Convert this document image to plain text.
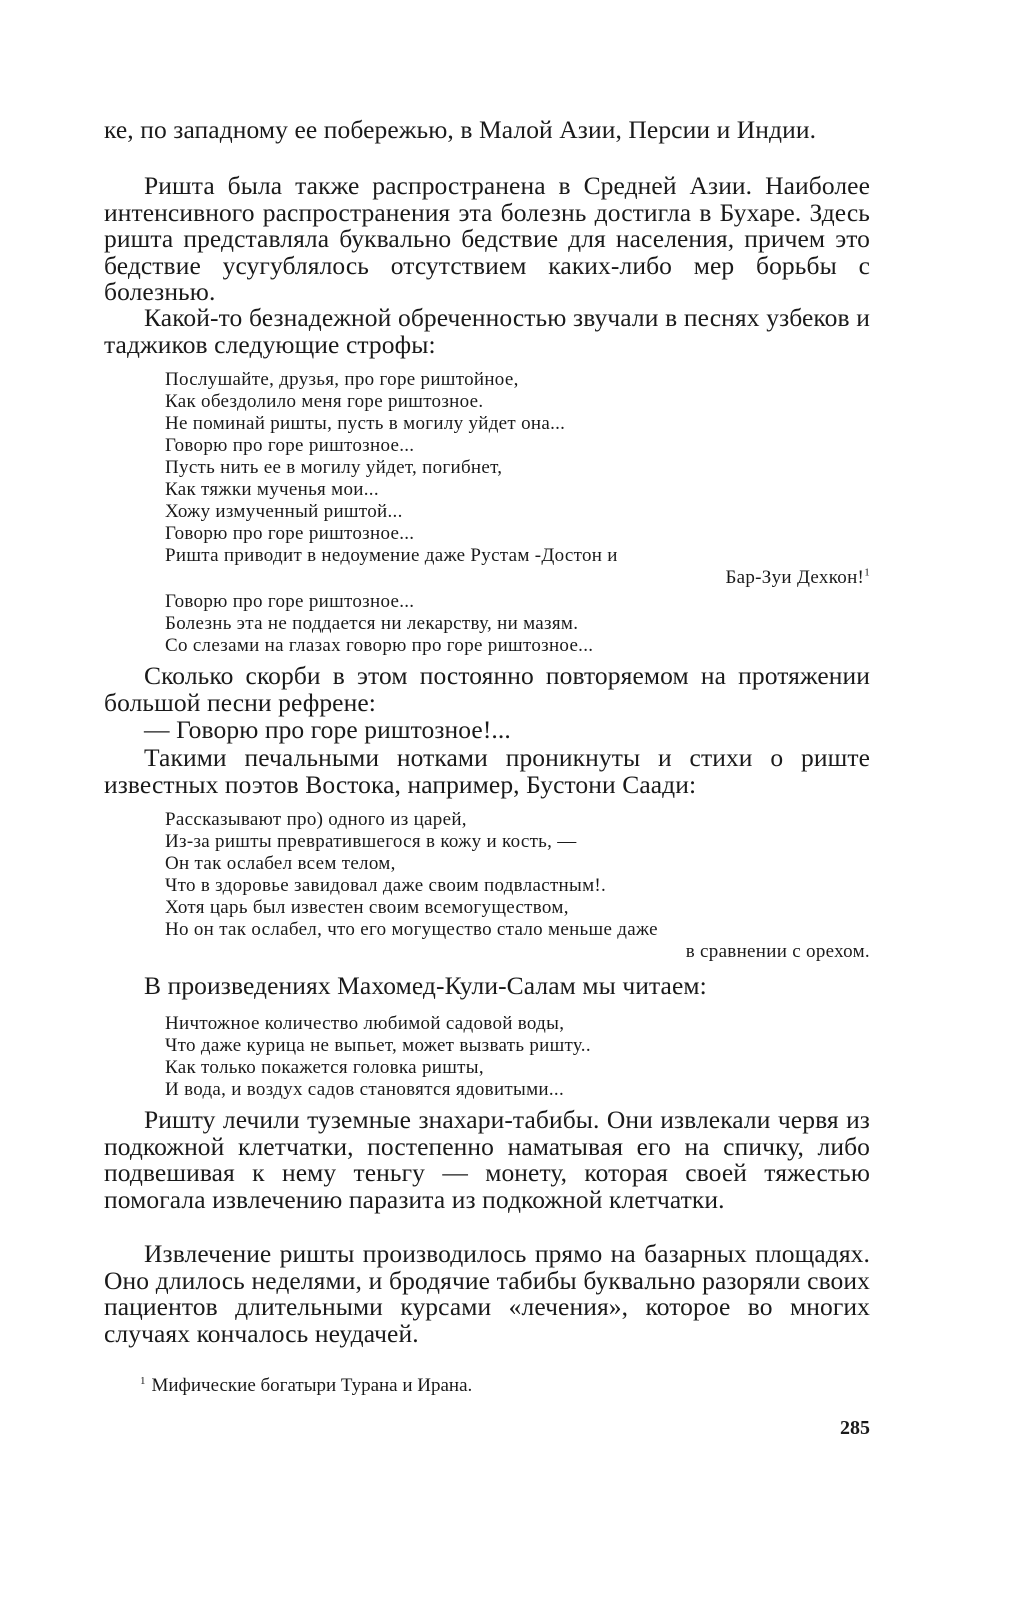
ке, по западному ее побережью, в Малой Азии, Персии и Индии.

Ришта была также распространена в Средней Азии. Наиболее интенсивного распространения эта болезнь достигла в Бухаре. Здесь ришта представляла буквально бедствие для населения, причем это бедствие усугублялось отсутствием каких-либо мер борьбы с болезнью.

Какой-то безнадежной обреченностью звучали в песнях узбеков и таджиков следующие строфы:

Послушайте, друзья, про горе риштойное,
Как обездолило меня горе риштозное.
Не поминай ришты, пусть в могилу уйдет она...
Говорю про горе риштозное...
Пусть нить ее в могилу уйдет, погибнет,
Как тяжки мученья мои...
Хожу измученный риштой...
Говорю про горе риштозное...
Ришта приводит в недоумение даже Рустам -Достон и
Бар-Зуи Дехкон!$^1$
Говорю про горе риштозное...
Болезнь эта не поддается ни лекарству, ни мазям.
Со слезами на глазах говорю про горе риштозное...

Сколько скорби в этом постоянно повторяемом на протяжении большой песни рефрене:

— Говорю про горе риштозное!...

Такими печальными нотками проникнуты и стихи о риште известных поэтов Востока, например, Бустони Саади:

Рассказывают про) одного из царей,
Из-за ришты превратившегося в кожу и кость, —
Он так ослабел всем телом,
Что в здоровье завидовал даже своим подвластным!.
Хотя царь был известен своим всемогуществом,
Но он так ослабел, что его могущество стало меньше даже
в сравнении с орехом.

В произведениях Махомед-Кули-Салам мы читаем:

Ничтожное количество любимой садовой воды,
Что даже курица не выпьет, может вызвать ришту..
Как только покажется головка ришты,
И вода, и воздух садов становятся ядовитыми...

Ришту лечили туземные знахари-табибы. Они извлекали червя из подкожной клетчатки, постепенно наматывая его на спичку, либо подвешивая к нему теньгу — монету, которая своей тяжестью помогала извлечению паразита из подкожной клетчатки.

Извлечение ришты производилось прямо на базарных площадях. Оно длилось неделями, и бродячие табибы буквально разоряли своих пациентов длительными курсами «лечения», которое во многих случаях кончалось неудачей.

$^1$ Мифические богатыри Турана и Ирана.
285
